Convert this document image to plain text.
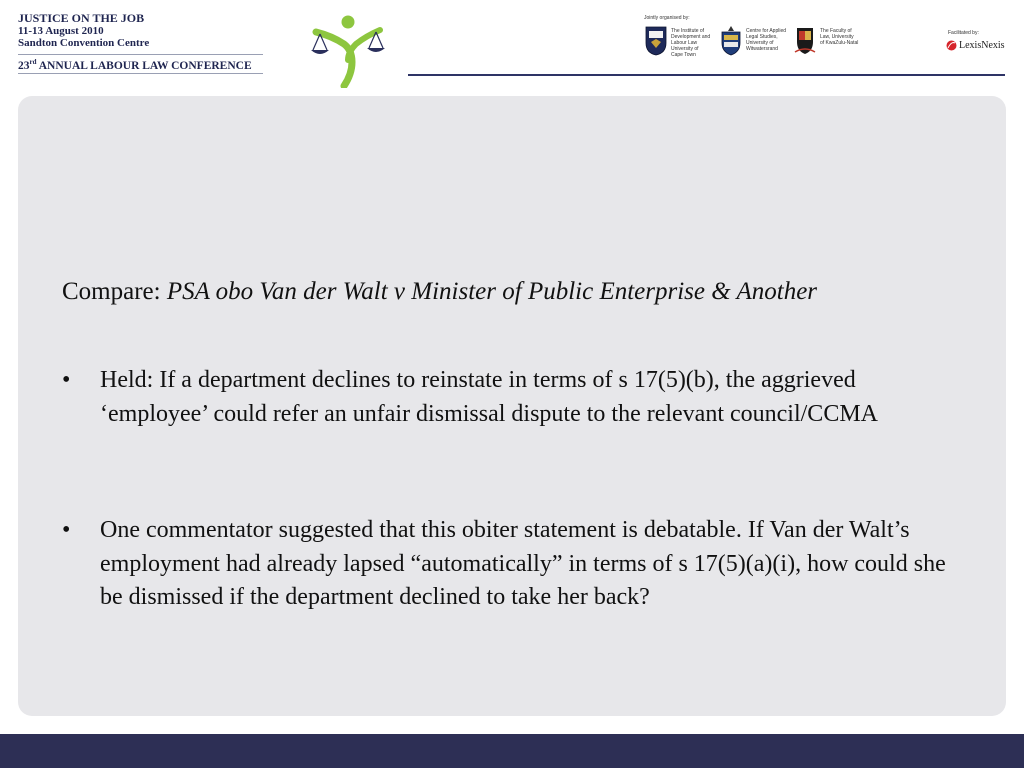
JUSTICE ON THE JOB
11-13 August 2010
Sandton Convention Centre
23rd ANNUAL LABOUR LAW CONFERENCE
Jointly organised by:
The Institute of
Development and
Labour Law
University of
Cape Town
Centre for Applied
Legal Studies,
University of
Witwatersrand
The Faculty of
Law, University
of KwaZulu-Natal
Facilitated by:
LexisNexis
Compare: PSA obo Van der Walt v Minister of Public Enterprise & Another
• Held: If a department declines to reinstate in terms of s 17(5)(b), the aggrieved ‘employee’ could refer an unfair dismissal dispute to the relevant council/CCMA
• One commentator suggested that this obiter statement is debatable. If Van der Walt’s employment had already lapsed “automatically” in terms of s 17(5)(a)(i), how could she be dismissed if the department declined to take her back?
